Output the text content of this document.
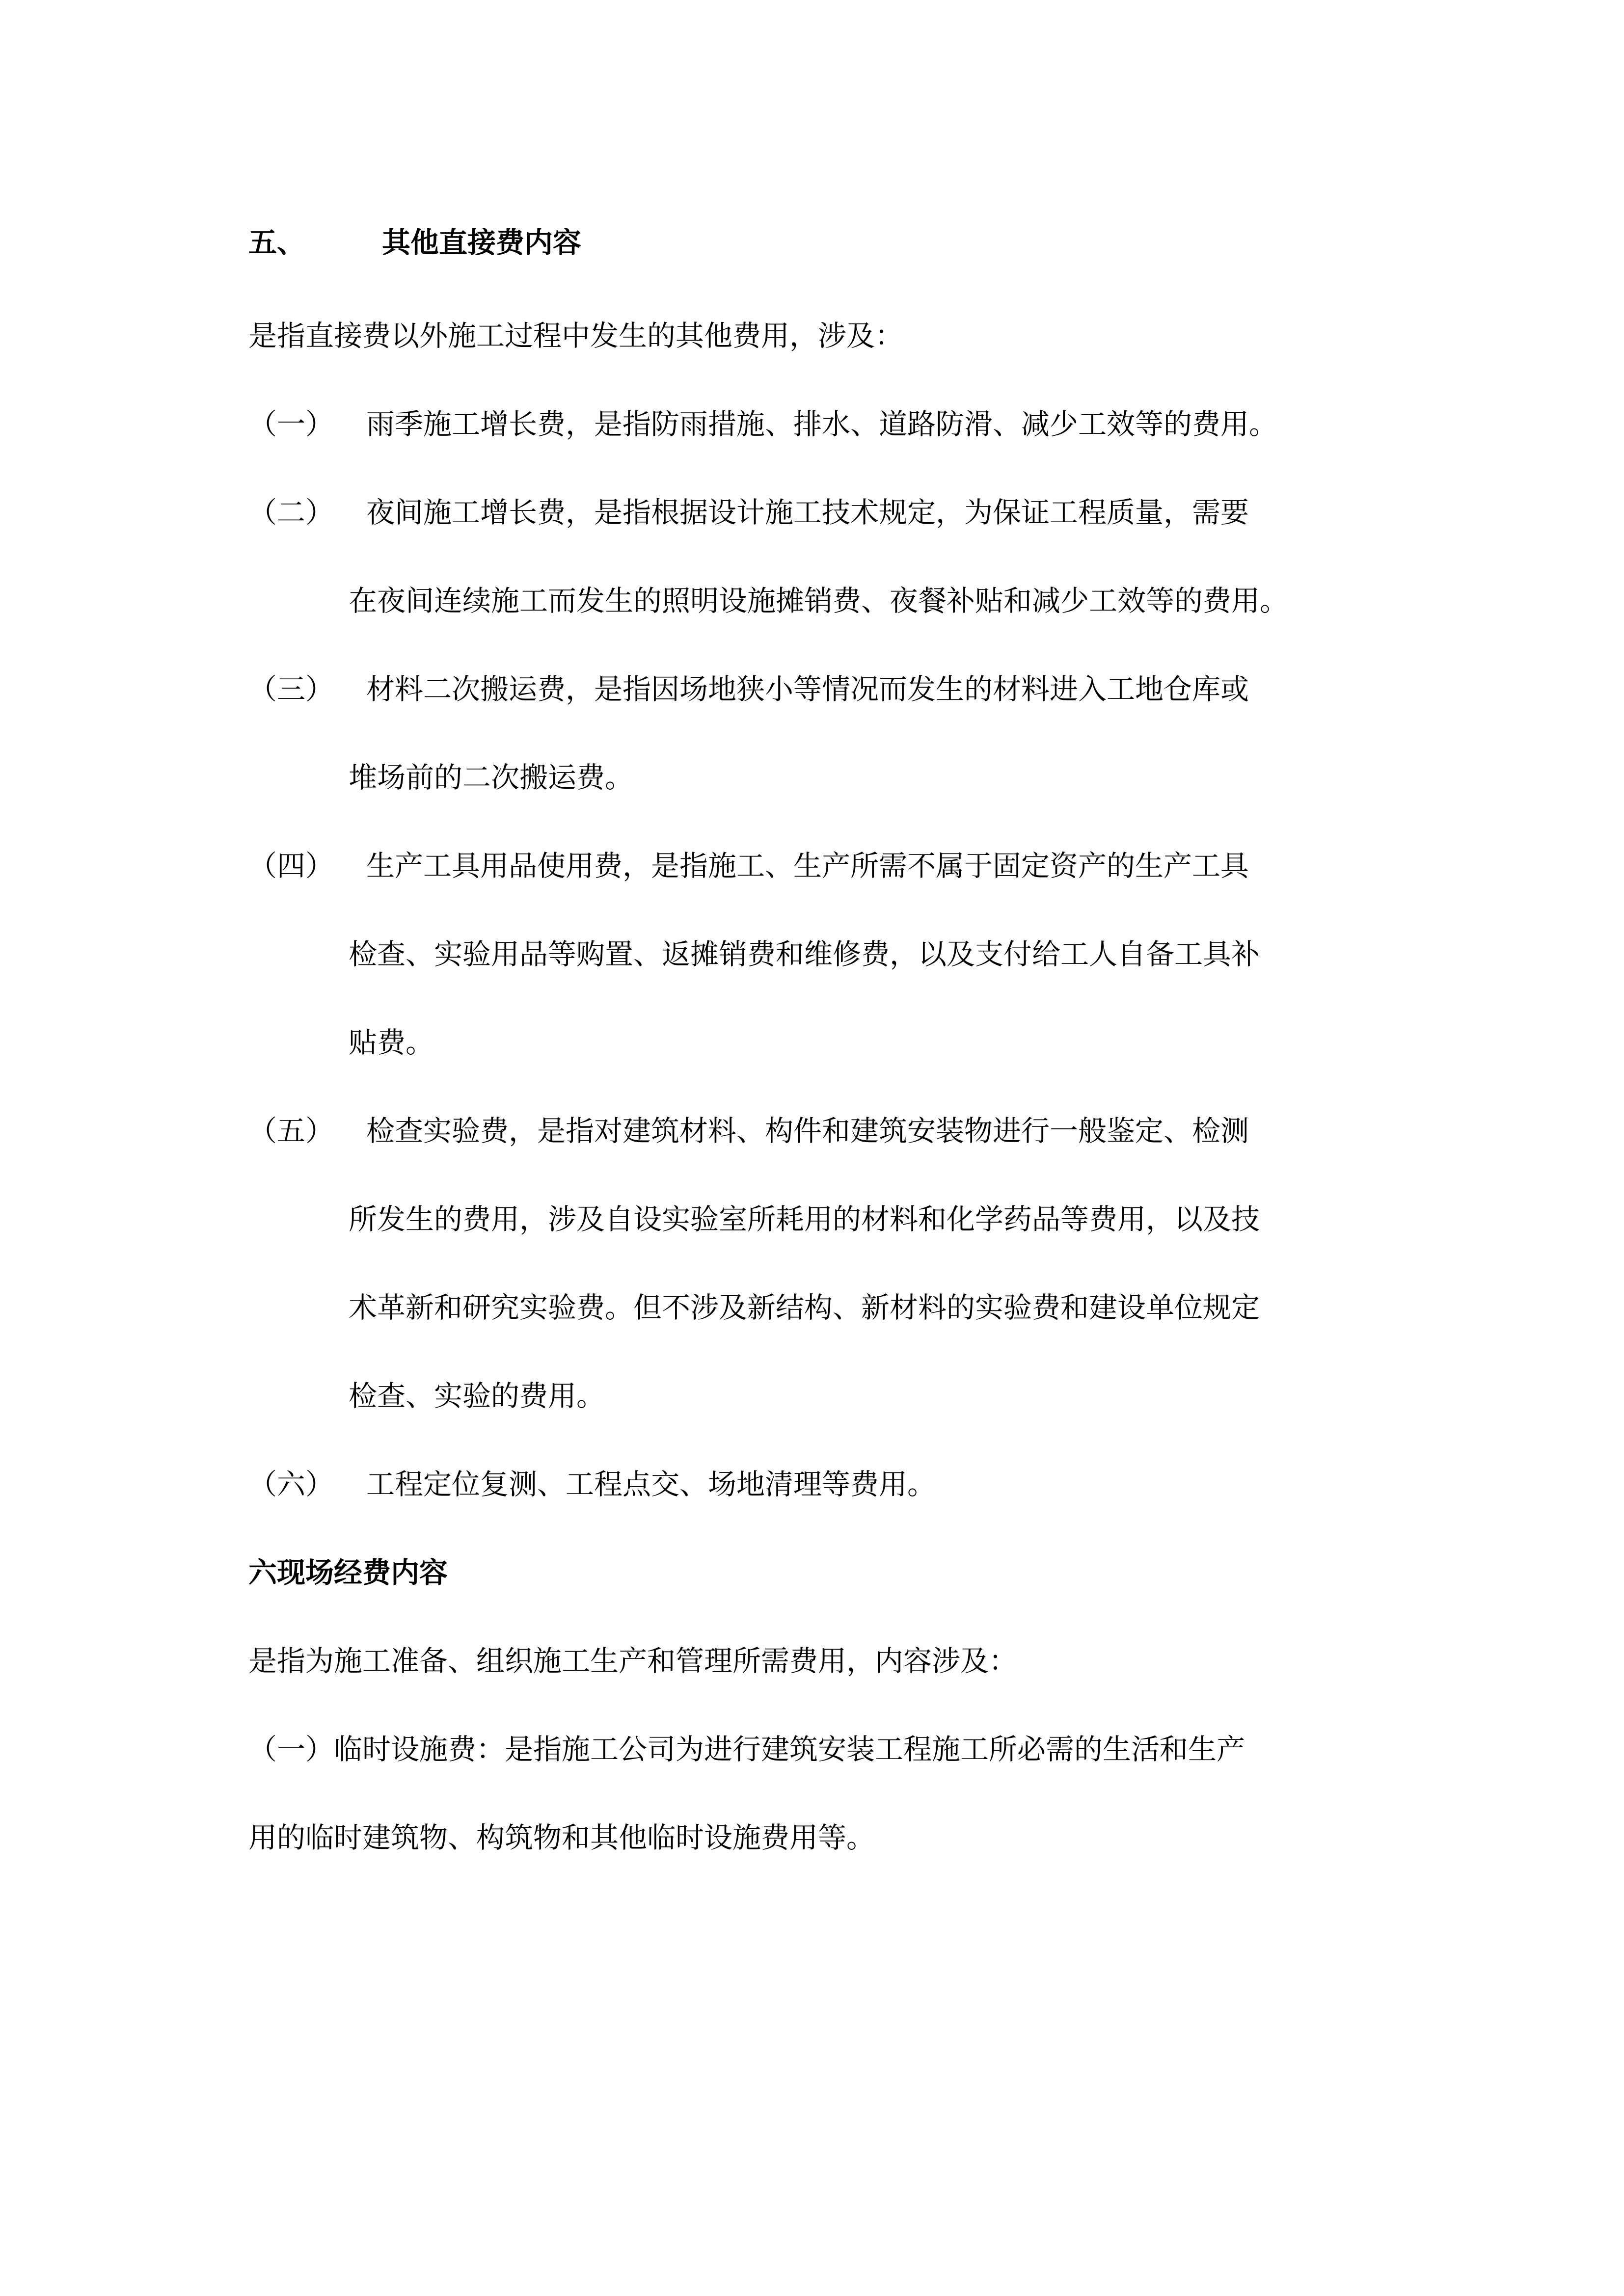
五、	其他直接费内容
是指直接费以外施工过程中发生的其他费用，涉及：
（一） 雨季施工增长费，是指防雨措施、排水、道路防滑、减少工效等的费用。
（二） 夜间施工增长费，是指根据设计施工技术规定，为保证工程质量，需要
在夜间连续施工而发生的照明设施摊销费、夜餐补贴和减少工效等的费用。
（三） 材料二次搬运费，是指因场地狭小等情况而发生的材料进入工地仓库或
堆场前的二次搬运费。
（四） 生产工具用品使用费，是指施工、生产所需不属于固定资产的生产工具
检查、实验用品等购置、返摊销费和维修费，以及支付给工人自备工具补
贴费。
（五） 检查实验费，是指对建筑材料、构件和建筑安装物进行一般鉴定、检测
所发生的费用，涉及自设实验室所耗用的材料和化学药品等费用，以及技
术革新和研究实验费。但不涉及新结构、新材料的实验费和建设单位规定
检查、实验的费用。
（六） 工程定位复测、工程点交、场地清理等费用。
六现场经费内容
是指为施工准备、组织施工生产和管理所需费用，内容涉及：
（一）临时设施费：是指施工公司为进行建筑安装工程施工所必需的生活和生产
用的临时建筑物、构筑物和其他临时设施费用等。
